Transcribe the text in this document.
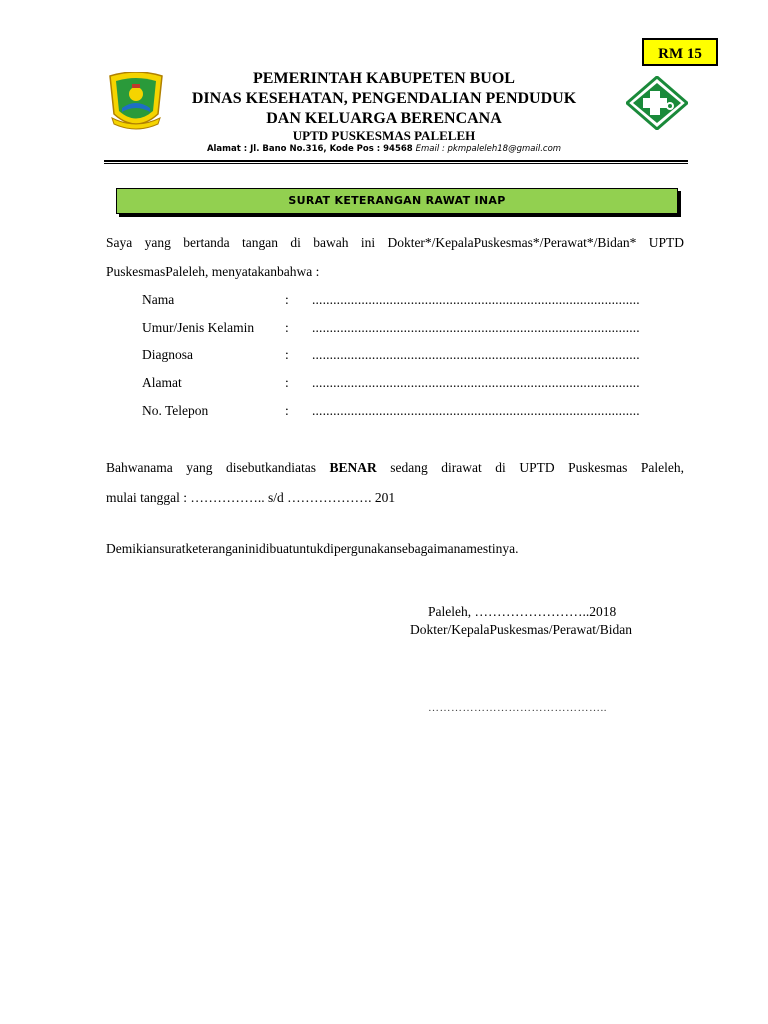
RM 15
PEMERINTAH KABUPETEN BUOL
DINAS KESEHATAN, PENGENDALIAN PENDUDUK
DAN KELUARGA BERENCANA
UPTD PUSKESMAS PALELEH
Alamat : Jl. Bano No.316, Kode Pos : 94568 Email : pkmpaleleh18@gmail.com
SURAT KETERANGAN RAWAT INAP
Saya yang bertanda tangan di bawah ini Dokter*/KepalaPuskesmas*/Perawat*/Bidan* UPTD
PuskesmasPaleleh, menyatakanbahwa :
Nama	: .............................................................................................
Umur/Jenis Kelamin : .............................................................................................
Diagnosa	: .............................................................................................
Alamat	: .............................................................................................
No. Telepon	: .............................................................................................
Bahwanama yang disebutkandiatas BENAR sedang dirawat di UPTD Puskesmas Paleleh,
mulai tanggal : …………….. s/d ………………. 201
Demikiansuratketeranganinidibuatuntukdipergunakansebagaimanamestinya.
Paleleh, ……………………..2018
Dokter/KepalaPuskesmas/Perawat/Bidan
………………………………………..
